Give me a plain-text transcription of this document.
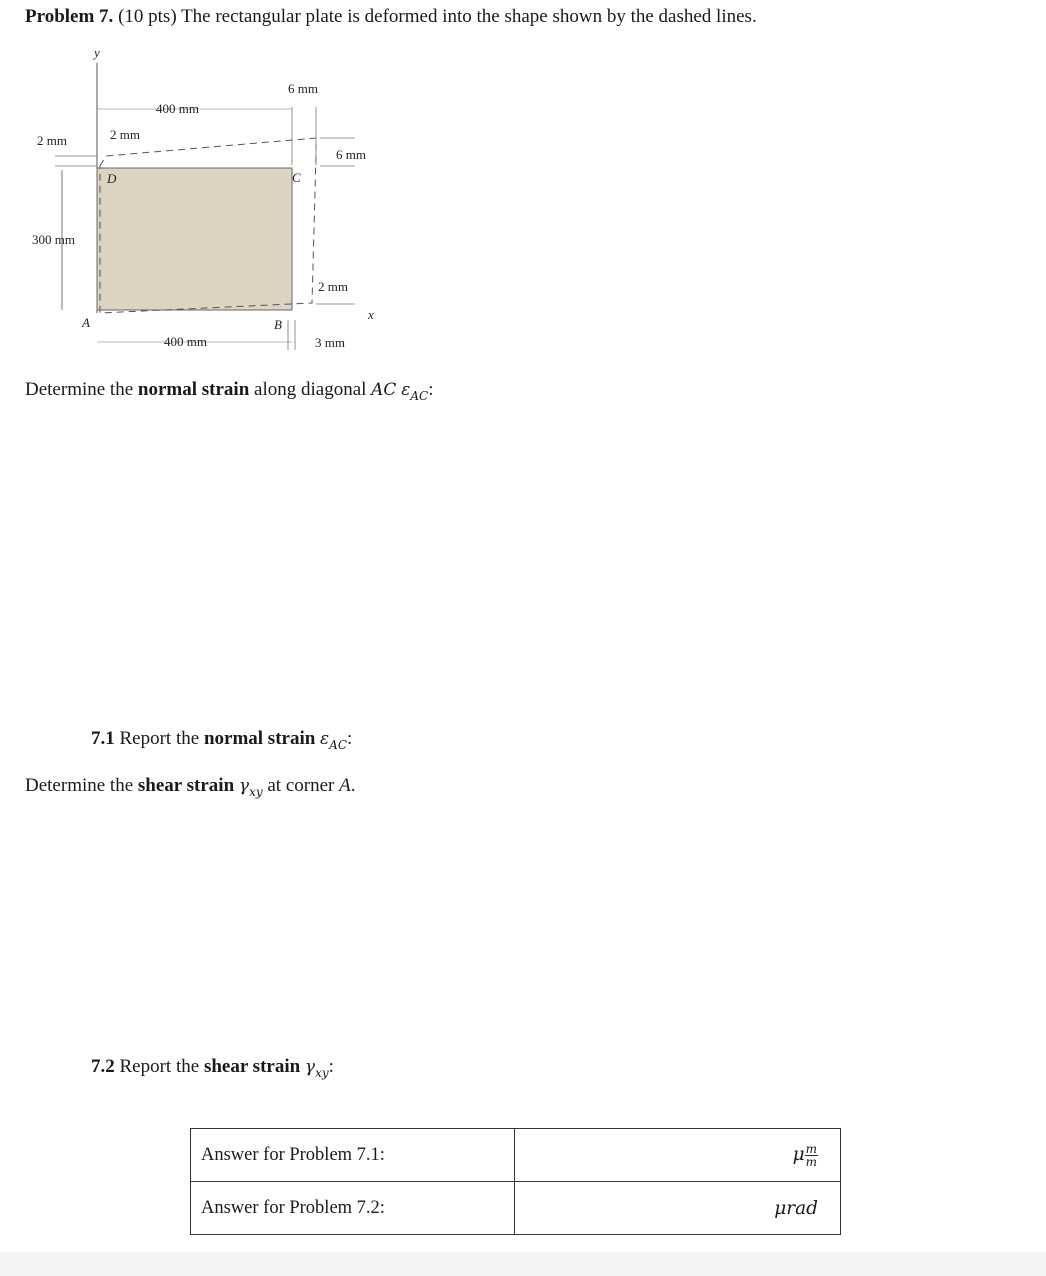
Problem 7. (10 pts) The rectangular plate is deformed into the shape shown by the dashed lines.
y
A	B
C
D
400 mm
6 mm
6 mm
2 mm
300 mm
2 mm
400 mm	3 mm
2 mm
x
Determine the normal strain along diagonal AC $\varepsilon_{AC}$:
7.1 Report the normal strain $\varepsilon_{AC}$:
Determine the shear strain $\gamma_{xy}$ at corner A.
7.2 Report the shear strain $\gamma_{xy}$:
Answer for Problem 7.1:	μ $\frac{m}{m}$

Answer for Problem 7.2:	μrad
